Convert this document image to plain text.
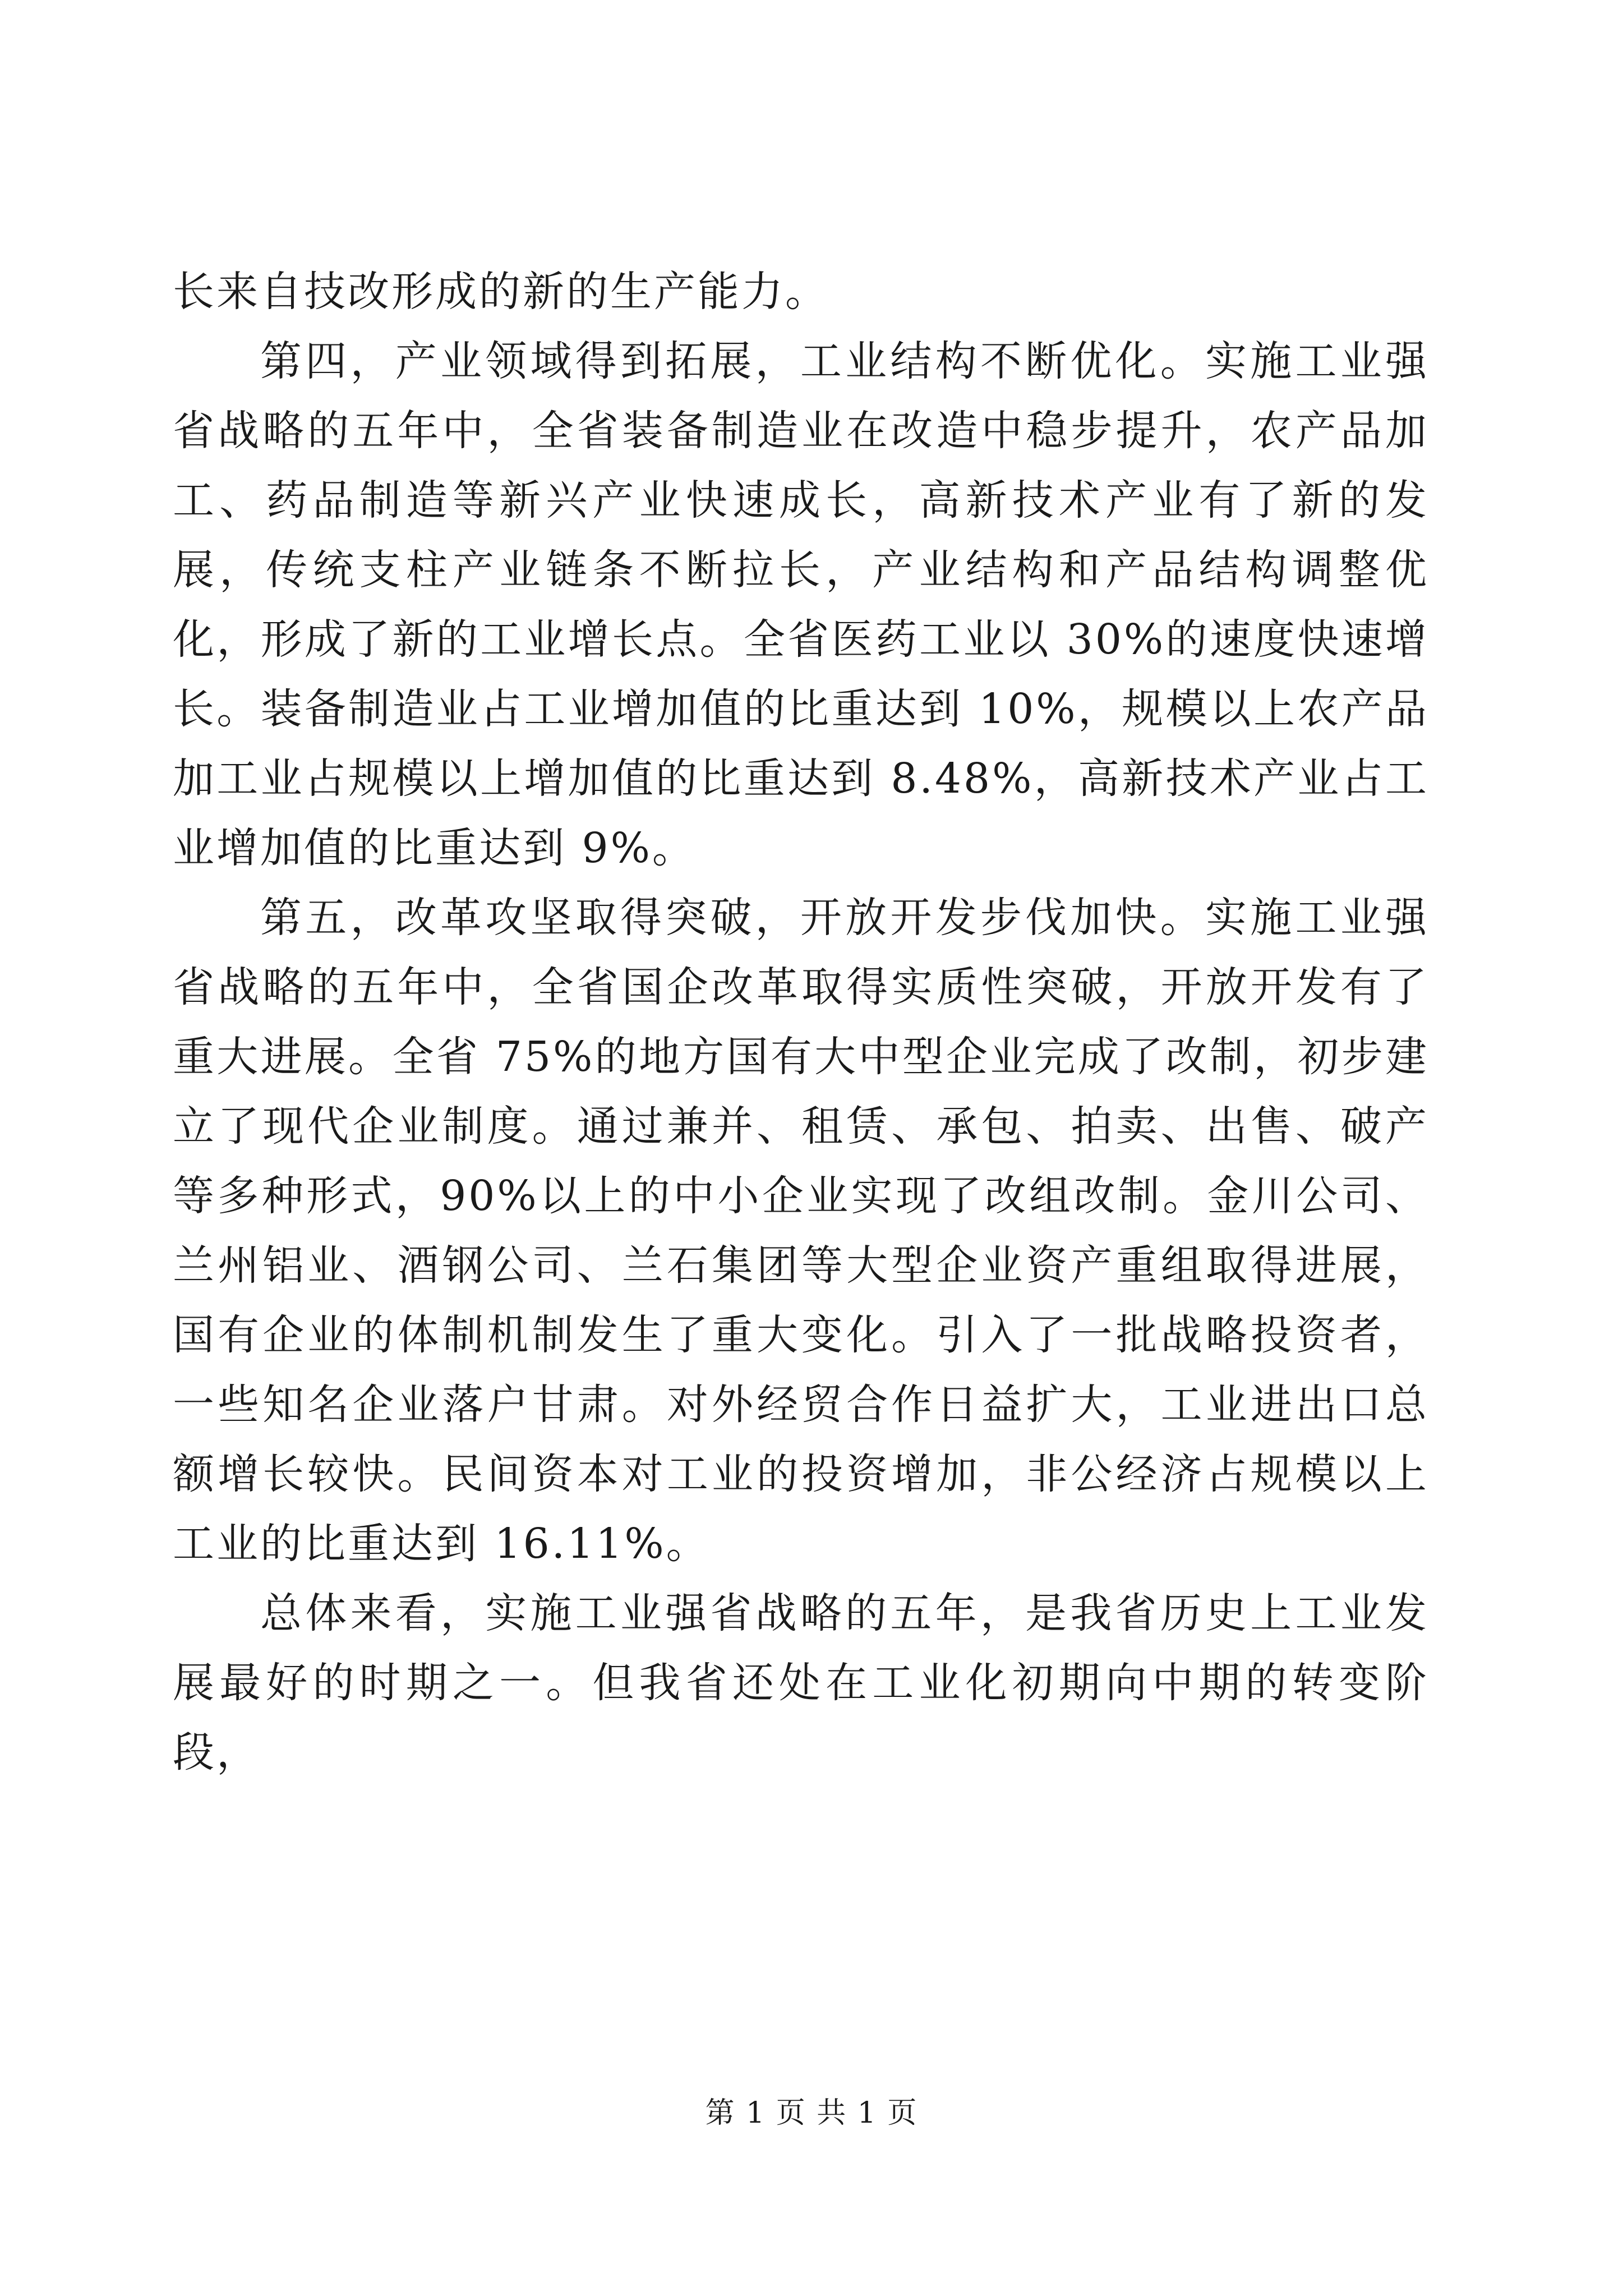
长来自技改形成的新的生产能力。

第四，产业领域得到拓展，工业结构不断优化。实施工业强省战略的五年中，全省装备制造业在改造中稳步提升，农产品加工、药品制造等新兴产业快速成长，高新技术产业有了新的发展，传统支柱产业链条不断拉长，产业结构和产品结构调整优化，形成了新的工业增长点。全省医药工业以 30%的速度快速增长。装备制造业占工业增加值的比重达到 10%，规模以上农产品加工业占规模以上增加值的比重达到 8.48%，高新技术产业占工业增加值的比重达到 9%。

第五，改革攻坚取得突破，开放开发步伐加快。实施工业强省战略的五年中，全省国企改革取得实质性突破，开放开发有了重大进展。全省 75%的地方国有大中型企业完成了改制，初步建立了现代企业制度。通过兼并、租赁、承包、拍卖、出售、破产等多种形式，90%以上的中小企业实现了改组改制。金川公司、兰州铝业、酒钢公司、兰石集团等大型企业资产重组取得进展，国有企业的体制机制发生了重大变化。引入了一批战略投资者，一些知名企业落户甘肃。对外经贸合作日益扩大，工业进出口总额增长较快。民间资本对工业的投资增加，非公经济占规模以上工业的比重达到 16.11%。

总体来看，实施工业强省战略的五年，是我省历史上工业发展最好的时期之一。但我省还处在工业化初期向中期的转变阶段，

第 1 页 共 1 页
